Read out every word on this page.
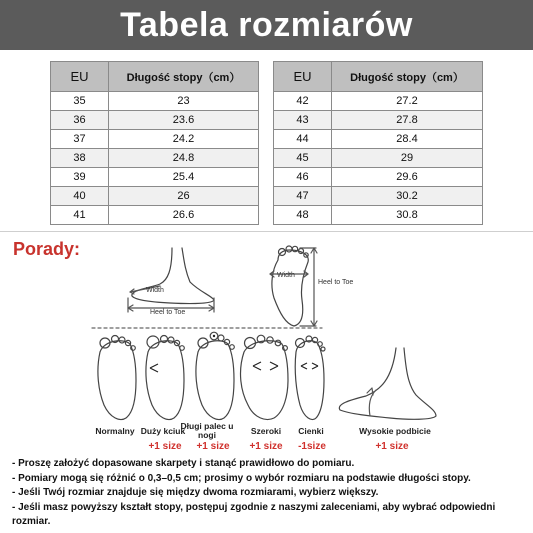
Tabela rozmiarów
EU	Długość stopy（cm）
35	23
36	23.6
37	24.2
38	24.8
39	25.4
40	26
41	26.6
EU	Długość stopy（cm）
42	27.2
43	27.8
44	28.4
45	29
46	29.6
47	30.2
48	30.8
Porady:
Width
Heel to Toe
Width
Heel to Toe
Normalny Duży kciuk
+1 size
Długi palec u nogi
+1 size
Szeroki
+1 size
Cienki
-1size
Wysokie podbicie
+1 size

- Proszę założyć dopasowane skarpety i stanąć prawidłowo do pomiaru.

- Pomiary mogą się różnić o 0,3–0,5 cm; prosimy o wybór rozmiaru na podstawie długości stopy.

- Jeśli Twój rozmiar znajduje się między dwoma rozmiarami, wybierz większy.

- Jeśli masz powyższy kształt stopy, postępuj zgodnie z naszymi zaleceniami, aby wybrać odpowiedni rozmiar.
